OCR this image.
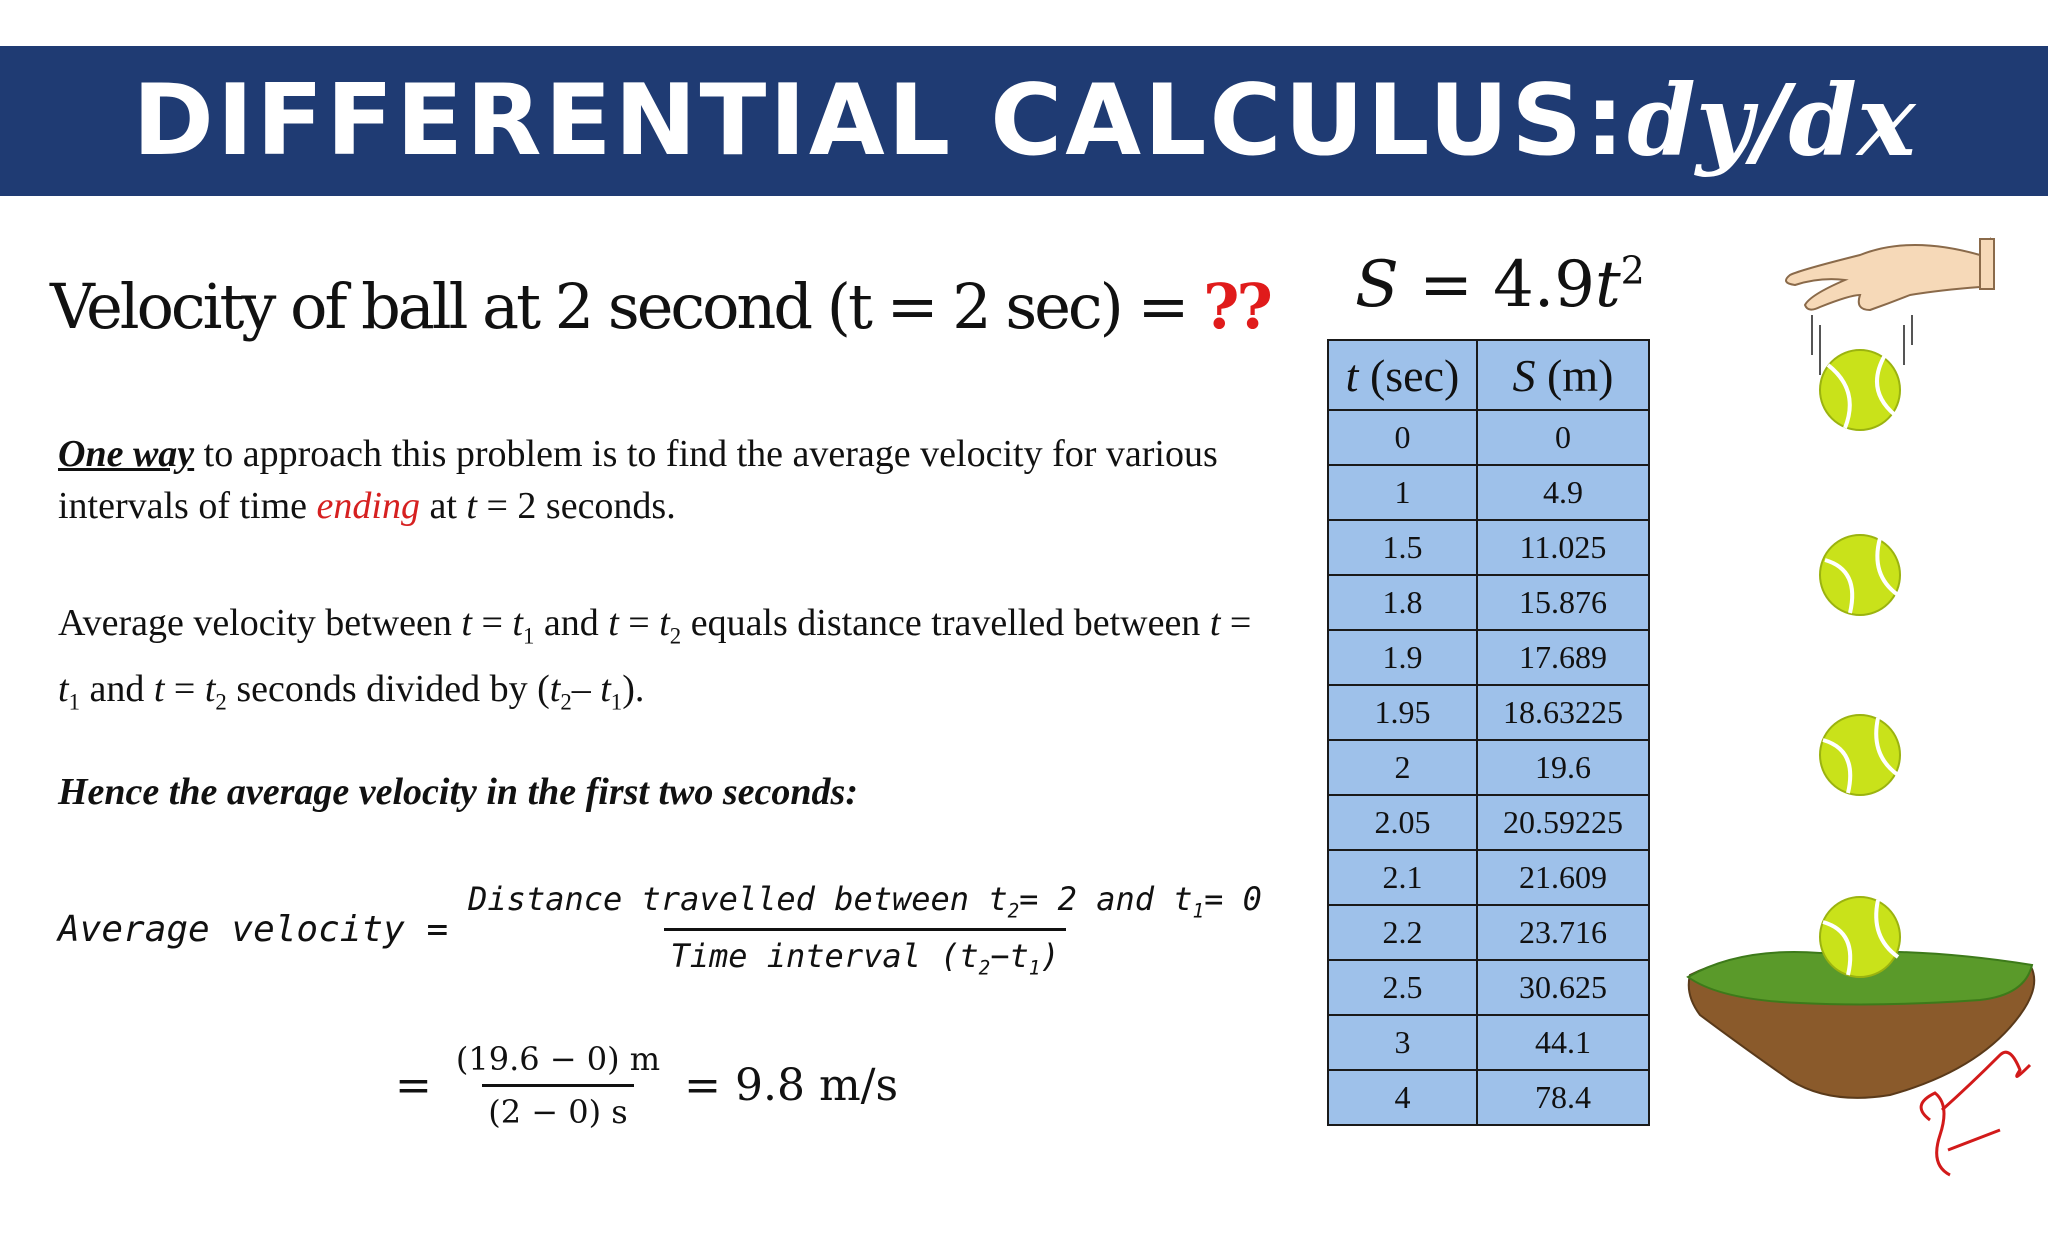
DIFFERENTIAL CALCULUS: dy/dx
Velocity of ball at 2 second (t = 2 sec) = ??
One way to approach this problem is to find the average velocity for various intervals of time ending at t = 2 seconds.
Average velocity between $t = t_1$ and $t = t_2$ equals distance travelled between $t = t_1$ and $t = t_2$ seconds divided by ($t_2-$ $t_1$).
Hence the average velocity in the first two seconds:
Average velocity = $\frac{Distance travelled between t_2= 2 and t_1= 0}{Time interval (t_2-t_1)}$
= $\frac{(19.6 - 0) m}{(2 - 0) s} = 9.8$ m/s
$S = 4.9t^2$
t (sec)	S (m)
0	0
1	4.9
1.5	11.025
1.8	15.876
1.9	17.689
1.95	18.63225
2	19.6
2.05	20.59225
2.1	21.609
2.2	23.716
2.5	30.625
3	44.1
4	78.4
